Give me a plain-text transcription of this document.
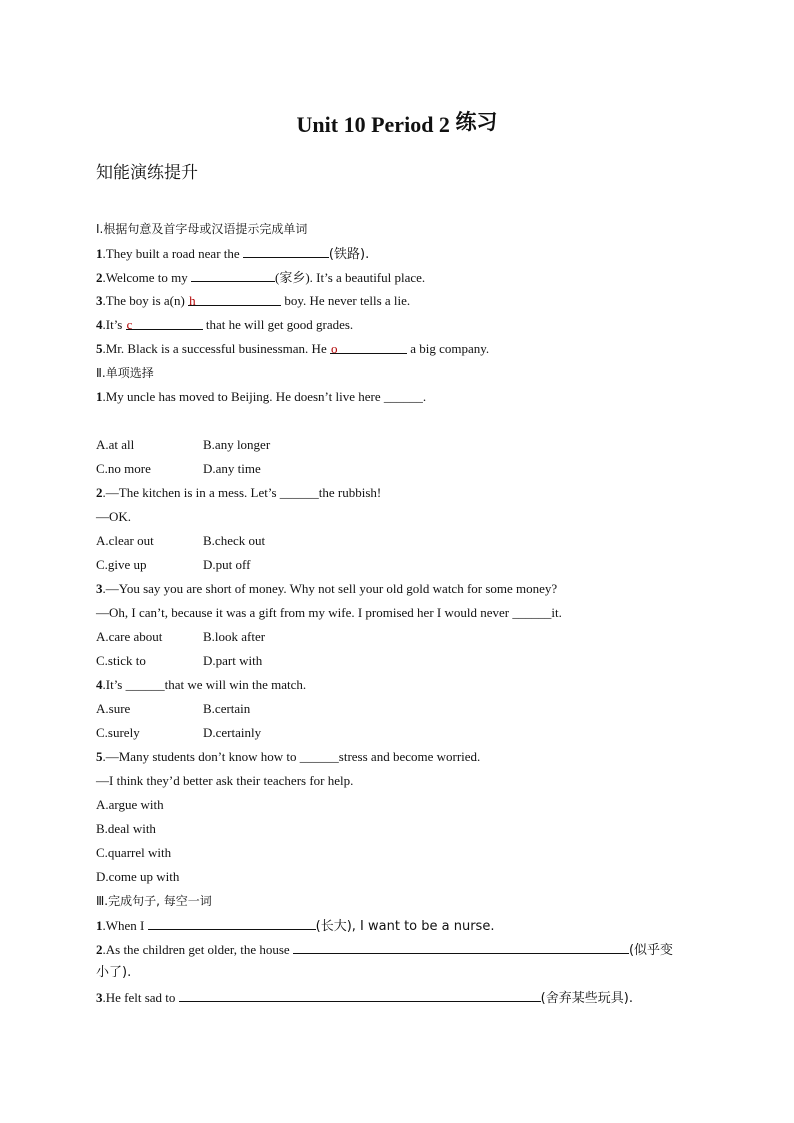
Unit 10 Period 2 练习
知能演练提升
Ⅰ.根据句意及首字母或汉语提示完成单词
1.They built a road near the	(铁路).
2.Welcome to my	(家乡). It’s a beautiful place.
3.The boy is a(n) h	boy. He never tells a lie.
4.It’s c	that he will get good grades.
5.Mr. Black is a successful businessman. He o	a big company.
Ⅱ.单项选择
1.My uncle has moved to Beijing. He doesn’t live here ______.
A.at all	B.any longer
C.no more	D.any time
2.—The kitchen is in a mess. Let’s ______the rubbish!
—OK.
A.clear out	B.check out
C.give up	D.put off
3.—You say you are short of money. Why not sell your old gold watch for some money?
—Oh, I can’t, because it was a gift from my wife. I promised her I would never ______it.
A.care about	B.look after
C.stick to	D.part with
4.It’s ______that we will win the match.
A.sure	B.certain
C.surely	D.certainly
5.—Many students don’t know how to ______stress and become worried.
—I think they’d better ask their teachers for help.
A.argue with
B.deal with
C.quarrel with
D.come up with
Ⅲ.完成句子, 每空一词
1.When I	(长大), I want to be a nurse.
2.As the children get older, the house	(似乎变
小了).
3.He felt sad to	(舍弃某些玩具).
